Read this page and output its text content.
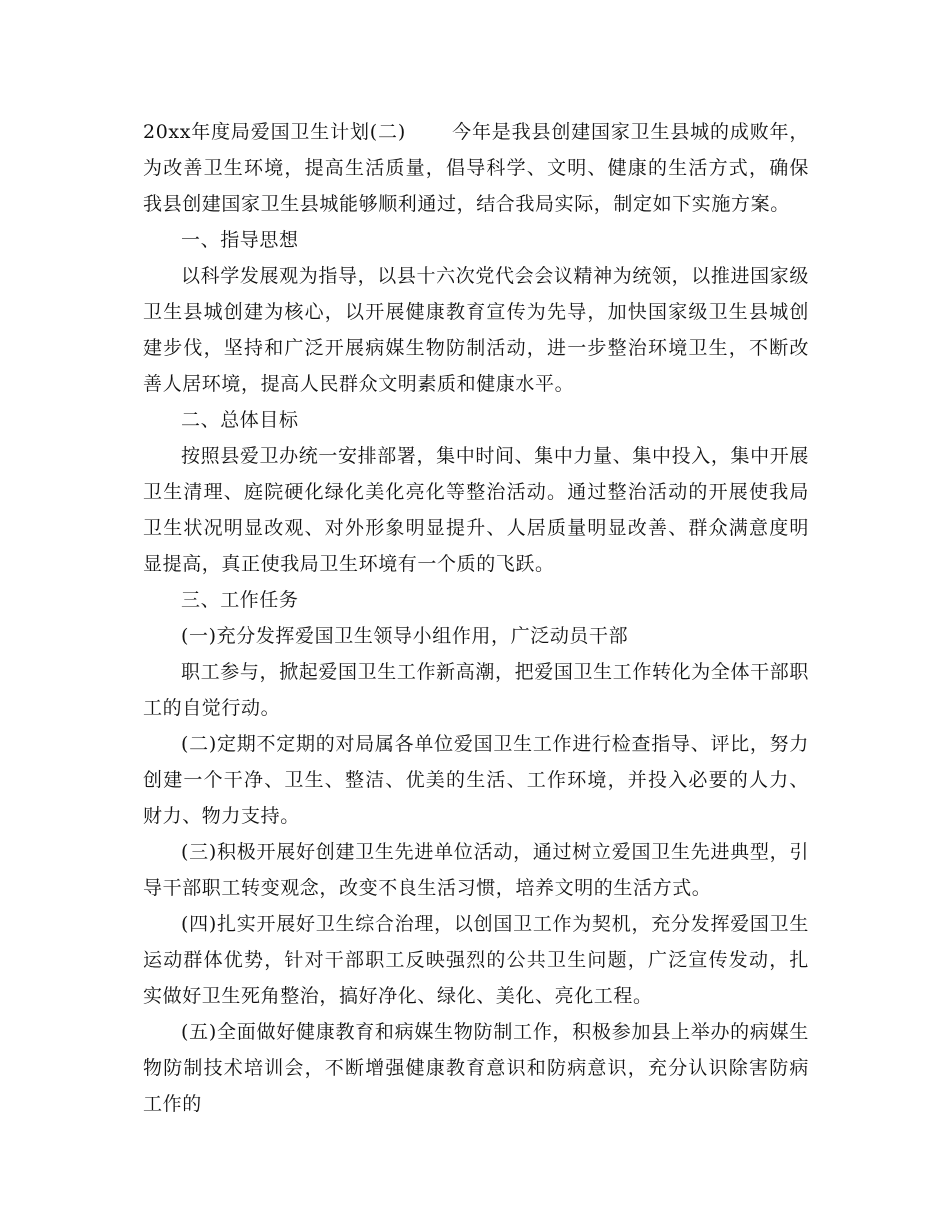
20xx年度局爱国卫生计划(二) 今年是我县创建国家卫生县城的成败年，为改善卫生环境，提高生活质量，倡导科学、文明、健康的生活方式，确保我县创建国家卫生县城能够顺利通过，结合我局实际，制定如下实施方案。

一、指导思想

以科学发展观为指导，以县十六次党代会会议精神为统领，以推进国家级卫生县城创建为核心，以开展健康教育宣传为先导，加快国家级卫生县城创建步伐，坚持和广泛开展病媒生物防制活动，进一步整治环境卫生，不断改善人居环境，提高人民群众文明素质和健康水平。

二、总体目标

按照县爱卫办统一安排部署，集中时间、集中力量、集中投入，集中开展卫生清理、庭院硬化绿化美化亮化等整治活动。通过整治活动的开展使我局卫生状况明显改观、对外形象明显提升、人居质量明显改善、群众满意度明显提高，真正使我局卫生环境有一个质的飞跃。

三、工作任务

(一)充分发挥爱国卫生领导小组作用，广泛动员干部

职工参与，掀起爱国卫生工作新高潮，把爱国卫生工作转化为全体干部职工的自觉行动。

(二)定期不定期的对局属各单位爱国卫生工作进行检查指导、评比，努力创建一个干净、卫生、整洁、优美的生活、工作环境，并投入必要的人力、财力、物力支持。

(三)积极开展好创建卫生先进单位活动，通过树立爱国卫生先进典型，引导干部职工转变观念，改变不良生活习惯，培养文明的生活方式。

(四)扎实开展好卫生综合治理，以创国卫工作为契机，充分发挥爱国卫生运动群体优势，针对干部职工反映强烈的公共卫生问题，广泛宣传发动，扎实做好卫生死角整治，搞好净化、绿化、美化、亮化工程。

(五)全面做好健康教育和病媒生物防制工作，积极参加县上举办的病媒生物防制技术培训会，不断增强健康教育意识和防病意识，充分认识除害防病工作的
